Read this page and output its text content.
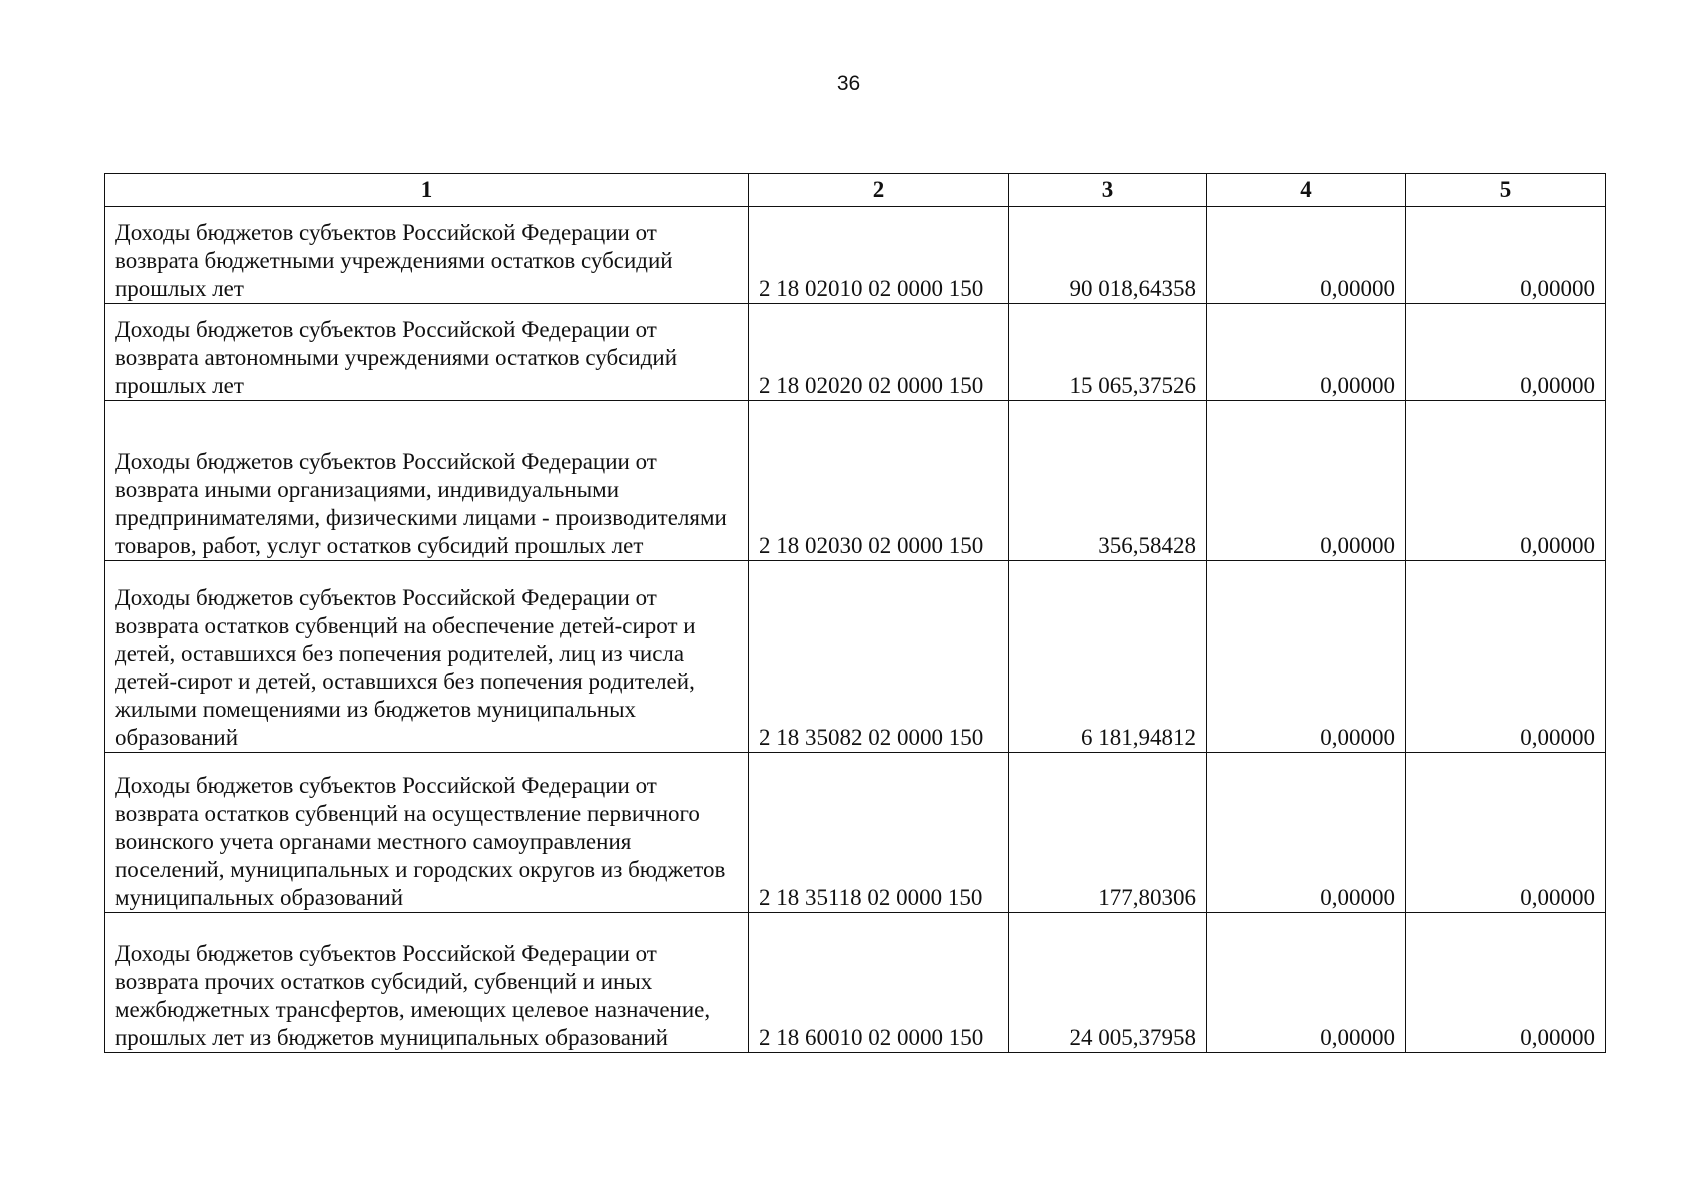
36
1	2	3	4	5
Доходы бюджетов субъектов Российской Федерации от возврата бюджетными учреждениями остатков субсидий прошлых лет	2 18 02010 02 0000 150	90 018,64358	0,00000	0,00000
Доходы бюджетов субъектов Российской Федерации от возврата автономными учреждениями остатков субсидий прошлых лет	2 18 02020 02 0000 150	15 065,37526	0,00000	0,00000
Доходы бюджетов субъектов Российской Федерации от возврата иными организациями, индивидуальными предпринимателями, физическими лицами - производителями товаров, работ, услуг остатков субсидий прошлых лет	2 18 02030 02 0000 150	356,58428	0,00000	0,00000
Доходы бюджетов субъектов Российской Федерации от возврата остатков субвенций на обеспечение детей-сирот и детей, оставшихся без попечения родителей, лиц из числа детей-сирот и детей, оставшихся без попечения родителей, жилыми помещениями из бюджетов муниципальных образований	2 18 35082 02 0000 150	6 181,94812	0,00000	0,00000
Доходы бюджетов субъектов Российской Федерации от возврата остатков субвенций на осуществление первичного воинского учета органами местного самоуправления поселений, муниципальных и городских округов из бюджетов муниципальных образований	2 18 35118 02 0000 150	177,80306	0,00000	0,00000
Доходы бюджетов субъектов Российской Федерации от возврата прочих остатков субсидий, субвенций и иных межбюджетных трансфертов, имеющих целевое назначение, прошлых лет из бюджетов муниципальных образований	2 18 60010 02 0000 150	24 005,37958	0,00000	0,00000
